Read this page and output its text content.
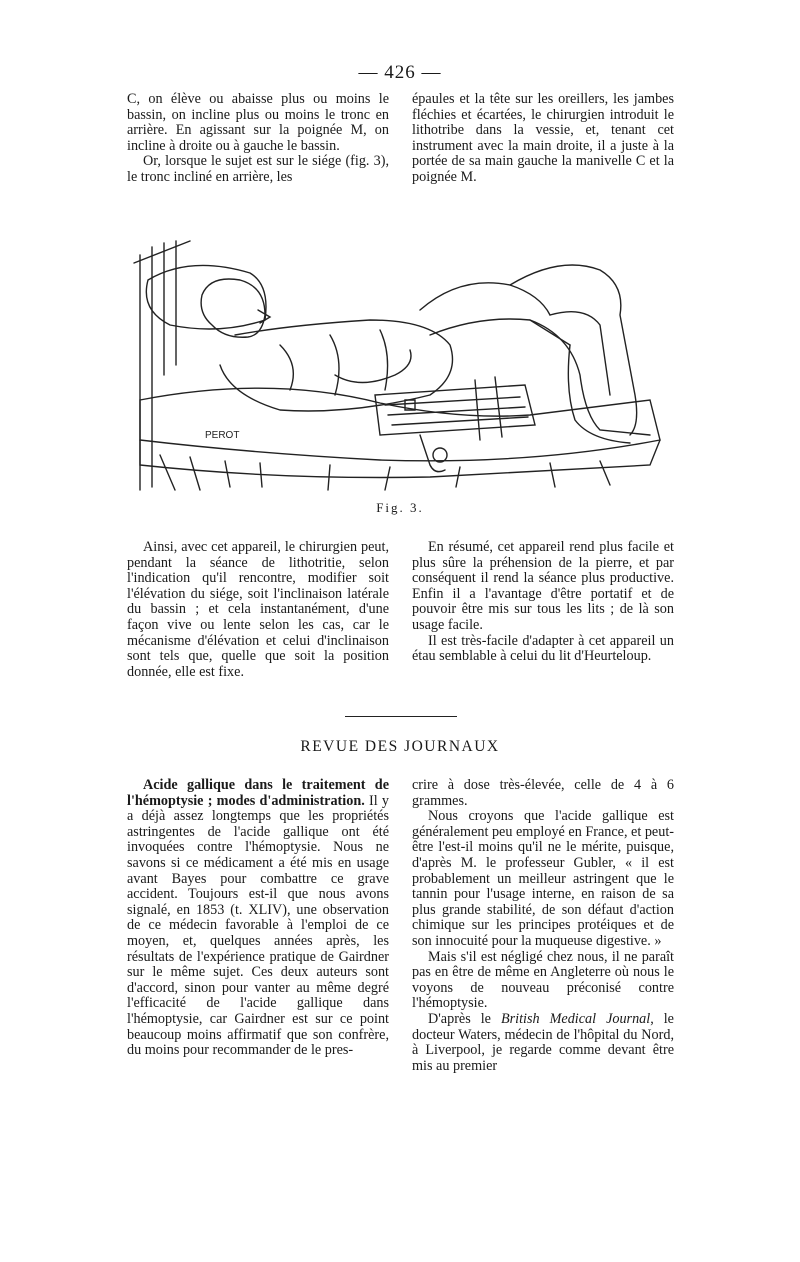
— 426 —

C, on élève ou abaisse plus ou moins le bassin, on incline plus ou moins le tronc en arrière. En agissant sur la poignée M, on incline à droite ou à gauche le bassin.

Or, lorsque le sujet est sur le siége (fig. 3), le tronc incliné en arrière, les

épaules et la tête sur les oreillers, les jambes fléchies et écartées, le chirurgien introduit le lithotribe dans la vessie, et, tenant cet instrument avec la main droite, il a juste à la portée de sa main gauche la manivelle C et la poignée M.

PEROT
Fig. 3.

Ainsi, avec cet appareil, le chirurgien peut, pendant la séance de lithotritie, selon l'indication qu'il rencontre, modifier soit l'élévation du siége, soit l'inclinaison latérale du bassin ; et cela instantanément, d'une façon vive ou lente selon les cas, car le mécanisme d'élévation et celui d'inclinaison sont tels que, quelle que soit la position donnée, elle est fixe.

En résumé, cet appareil rend plus facile et plus sûre la préhension de la pierre, et par conséquent il rend la séance plus productive. Enfin il a l'avantage d'être portatif et de pouvoir être mis sur tous les lits ; de là son usage facile.

Il est très-facile d'adapter à cet appareil un étau semblable à celui du lit d'Heurteloup.

REVUE DES JOURNAUX

Acide gallique dans le traitement de l'hémoptysie ; modes d'administration. Il y a déjà assez longtemps que les propriétés astringentes de l'acide gallique ont été invoquées contre l'hémoptysie. Nous ne savons si ce médicament a été mis en usage avant Bayes pour combattre ce grave accident. Toujours est-il que nous avons signalé, en 1853 (t. XLIV), une observation de ce médecin favorable à l'emploi de ce moyen, et, quelques années après, les résultats de l'expérience pratique de Gairdner sur le même sujet. Ces deux auteurs sont d'accord, sinon pour vanter au même degré l'efficacité de l'acide gallique dans l'hémoptysie, car Gairdner est sur ce point beaucoup moins affirmatif que son confrère, du moins pour recommander de le pres-

crire à dose très-élevée, celle de 4 à 6 grammes.

Nous croyons que l'acide gallique est généralement peu employé en France, et peut-être l'est-il moins qu'il ne le mérite, puisque, d'après M. le professeur Gubler, « il est probablement un meilleur astringent que le tannin pour l'usage interne, en raison de sa plus grande stabilité, de son défaut d'action chimique sur les principes protéiques et de son innocuité pour la muqueuse digestive. »

Mais s'il est négligé chez nous, il ne paraît pas en être de même en Angleterre où nous le voyons de nouveau préconisé contre l'hémoptysie.

D'après le British Medical Journal, le docteur Waters, médecin de l'hôpital du Nord, à Liverpool, je regarde comme devant être mis au premier
